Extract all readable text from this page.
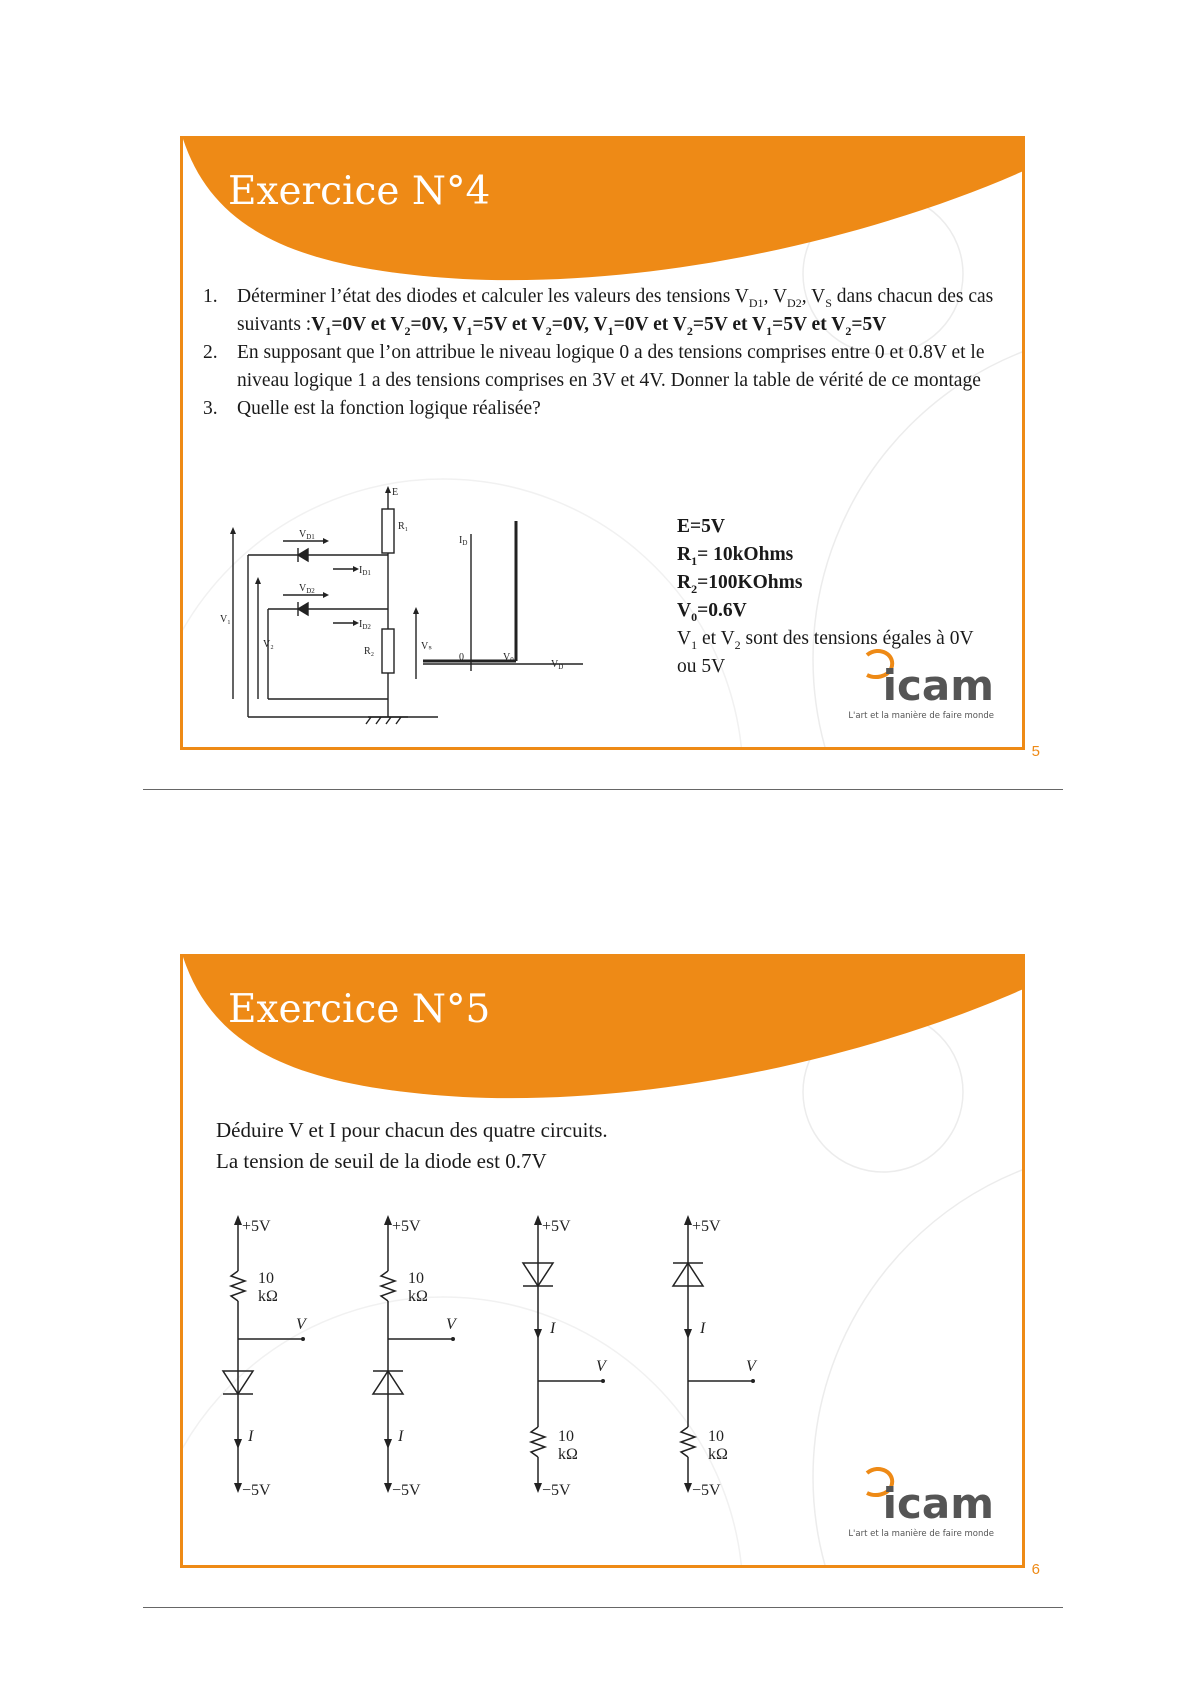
Exercice N°4
1. Déterminer l’état des diodes et calculer les valeurs des tensions $V_{D1}$, $V_{D2}$, $V_S$ dans chacun des cas suivants $:V_1=0V$ et $V_2=0V$, $V_1=5V$ et $V_2=0V$, $V_1=0V$ et $V_2=5V$ et $V_1=5V$ et $V_2=5V$
2. En supposant que l’on attribue le niveau logique 0 a des tensions comprises entre 0 et 0.8V et le niveau logique 1 a des tensions comprises en 3V et 4V. Donner la table de vérité de ce montage
3. Quelle est la fonction logique réalisée?
E
R₁
R₂
$V_{D1}$
$I_{D1}$
$V_{D2}$
$I_{D2}$
V₁
V₂	Vₛ
$I_D$
0	$V_0$	$V_D$
E=5V
$R_1=$ 10kOhms
$R_2=100KOhms$
$V_0=0.6V$
$V_1$ et $V_2$ sont des tensions égales à 0V ou 5V	icam
L'art et la manière de faire monde
5
Exercice N°5
Déduire V et I pour chacun des quatre circuits.
La tension de seuil de la diode est 0.7V
+5V
10
kΩ
V
I
−5V
+5V
10
kΩ
V
I
−5V
+5V
I
V
10
kΩ
−5V
+5V
I
V
10
kΩ
−5V	icam
L'art et la manière de faire monde
6
